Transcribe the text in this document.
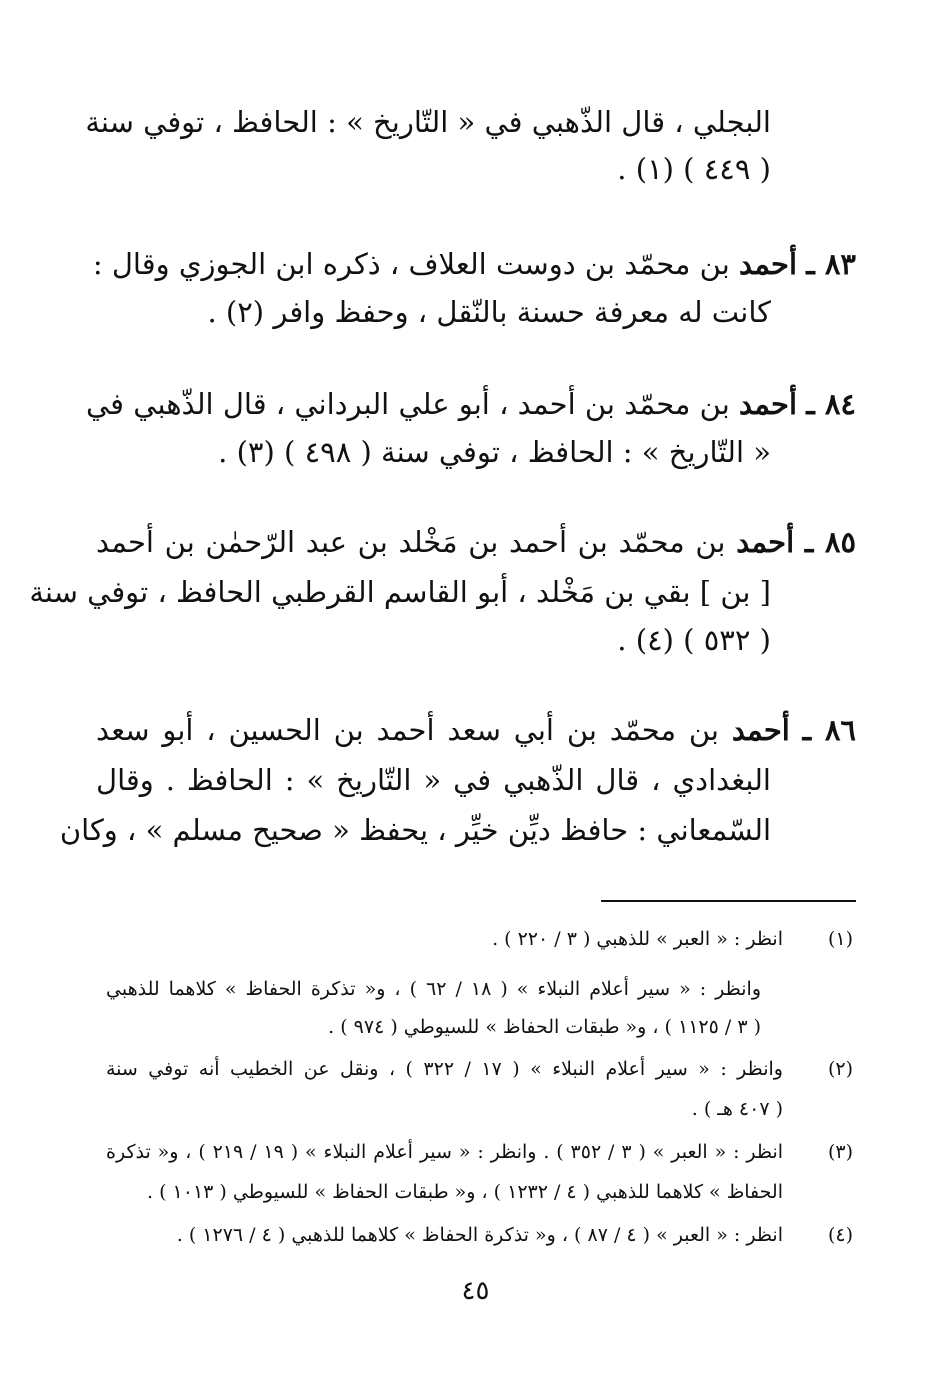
البجلي ، قال الذّهبي في « التّاريخ » : الحافظ ، توفي سنة
( ٤٤٩ ) (١) .
٨٣ ـ أحمد بن محمّد بن دوست العلاف ، ذكره ابن الجوزي وقال :
كانت له معرفة حسنة بالنّقل ، وحفظ وافر (٢) .
٨٤ ـ أحمد بن محمّد بن أحمد ، أبو علي البرداني ، قال الذّهبي في
« التّاريخ » : الحافظ ، توفي سنة ( ٤٩٨ ) (٣) .
٨٥ ـ أحمد بن محمّد بن أحمد بن مَخْلد بن عبد الرّحمٰن بن أحمد
[ بن ] بقي بن مَخْلد ، أبو القاسم القرطبي الحافظ ، توفي سنة
( ٥٣٢ ) (٤) .
٨٦ ـ أحمد بن محمّد بن أبي سعد أحمد بن الحسين ، أبو سعد
البغدادي ، قال الذّهبي في « التّاريخ » : الحافظ . وقال
السّمعاني : حافظ ديِّن خيِّر ، يحفظ « صحيح مسلم » ، وكان
(١)
انظر : « العبر » للذهبي ( ٣ / ٢٢٠ ) .
وانظر : « سير أعلام النبلاء » ( ١٨ / ٦٢ ) ، و« تذكرة الحفاظ » كلاهما للذهبي
( ٣ / ١١٢٥ ) ، و« طبقات الحفاظ » للسيوطي ( ٩٧٤ ) .
(٢)
وانظر : « سير أعلام النبلاء » ( ١٧ / ٣٢٢ ) ، ونقل عن الخطيب أنه توفي سنة
( ٤٠٧ هـ ) .
(٣)
انظر : « العبر » ( ٣ / ٣٥٢ ) . وانظر : « سير أعلام النبلاء » ( ١٩ / ٢١٩ ) ، و« تذكرة
الحفاظ » كلاهما للذهبي ( ٤ / ١٢٣٢ ) ، و« طبقات الحفاظ » للسيوطي ( ١٠١٣ ) .
(٤)
انظر : « العبر » ( ٤ / ٨٧ ) ، و« تذكرة الحفاظ » كلاهما للذهبي ( ٤ / ١٢٧٦ ) .
٤٥
